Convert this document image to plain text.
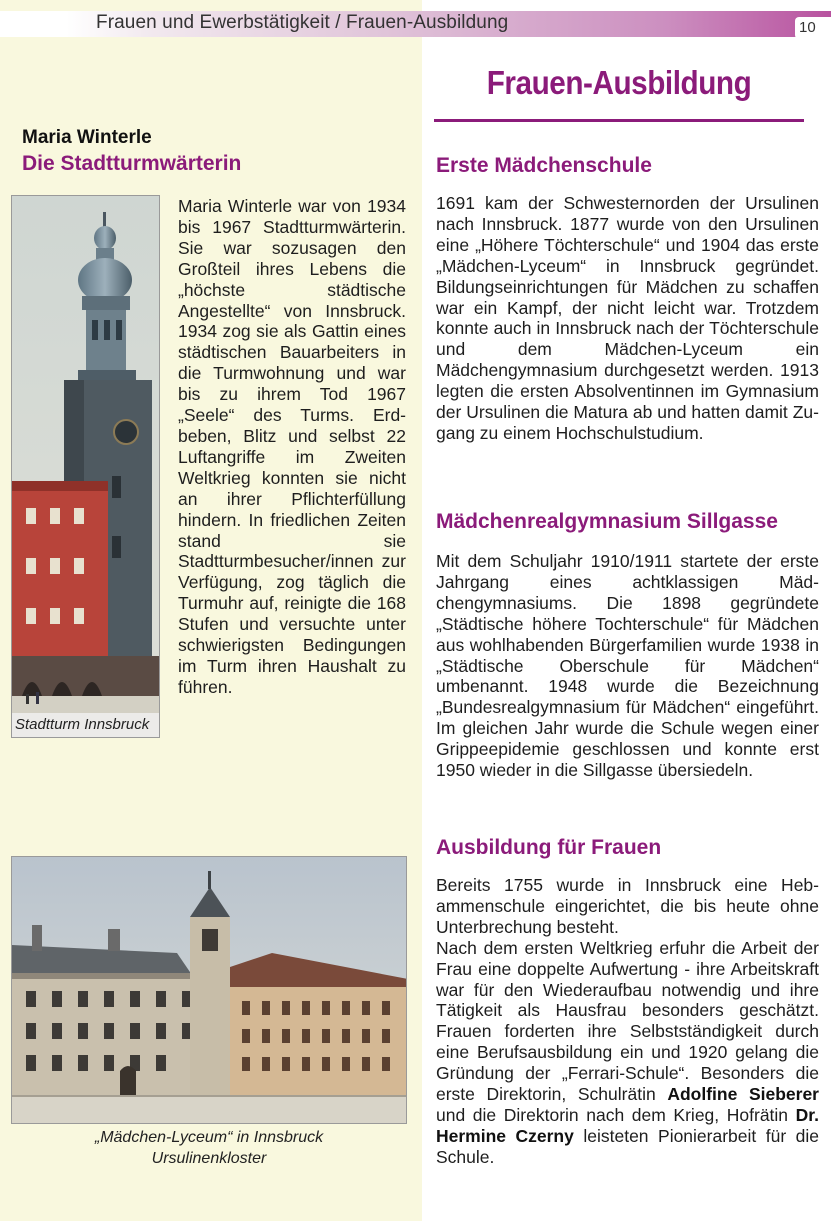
Frauen und Ewerbstätigkeit / Frauen-Ausbildung	10
Frauen-Ausbildung
Maria Winterle
Die Stadtturmwärterin
Stadtturm Innsbruck
Maria Winterle war von 1934 bis 1967 Stadtturmwärterin. Sie war sozusagen den Großteil ihres Lebens die „höchste städtische Angestellte“ von Innsbruck. 1934 zog sie als Gattin eines städtischen Bauarbeiters in die Turmwohnung und war bis zu ihrem Tod 1967 „Seele“ des Turms. Erdbeben, Blitz und selbst 22 Luftangriffe im Zweiten Weltkrieg konnten sie nicht an ihrer Pflichterfüllung hindern. In friedlichen Zeiten stand sie Stadtturmbesucher/innen zur Verfügung, zog täglich die Turmuhr auf, reinigte die 168 Stufen und versuchte unter schwierigsten Bedingungen im Turm ihren Haushalt zu führen.
„Mädchen-Lyceum“ in Innsbruck
Ursulinenkloster
Erste Mädchenschule
1691 kam der Schwesternorden der Ursulinen nach Innsbruck. 1877 wurde von den Ursulinen eine „Höhere Töchterschule“ und 1904 das erste „Mädchen-Lyceum“ in Innsbruck gegründet. Bildungseinrichtungen für Mädchen zu schaffen war ein Kampf, der nicht leicht war. Trotzdem konnte auch in Innsbruck nach der Töchterschule und dem Mädchen-Lyceum ein Mädchengymnasium durchgesetzt werden. 1913 legten die ersten Absolventinnen im Gymnasium der Ursulinen die Matura ab und hatten damit Zugang zu einem Hochschulstudium.
Mädchenrealgymnasium Sillgasse
Mit dem Schuljahr 1910/1911 startete der erste Jahrgang eines achtklassigen Mädchengymnasiums. Die 1898 gegründete „Städtische höhere Tochterschule“ für Mädchen aus wohlhabenden Bürgerfamilien wurde 1938 in „Städtische Oberschule für Mädchen“ umbenannt. 1948 wurde die Bezeichnung „Bundesrealgymnasium für Mädchen“ eingeführt. Im gleichen Jahr wurde die Schule wegen einer Grippeepidemie geschlossen und konnte erst 1950 wieder in die Sillgasse übersiedeln.
Ausbildung für Frauen
Bereits 1755 wurde in Innsbruck eine Hebammenschule eingerichtet, die bis heute ohne Unterbrechung besteht.
Nach dem ersten Weltkrieg erfuhr die Arbeit der Frau eine doppelte Aufwertung - ihre Arbeitskraft war für den Wiederaufbau notwendig und ihre Tätigkeit als Hausfrau besonders geschätzt. Frauen forderten ihre Selbstständigkeit durch eine Berufsausbildung ein und 1920 gelang die Gründung der „Ferrari-Schule“. Besonders die erste Direktorin, Schulrätin Adolfine Sieberer und die Direktorin nach dem Krieg, Hofrätin Dr. Hermine Czerny leisteten Pionierarbeit für die Schule.
